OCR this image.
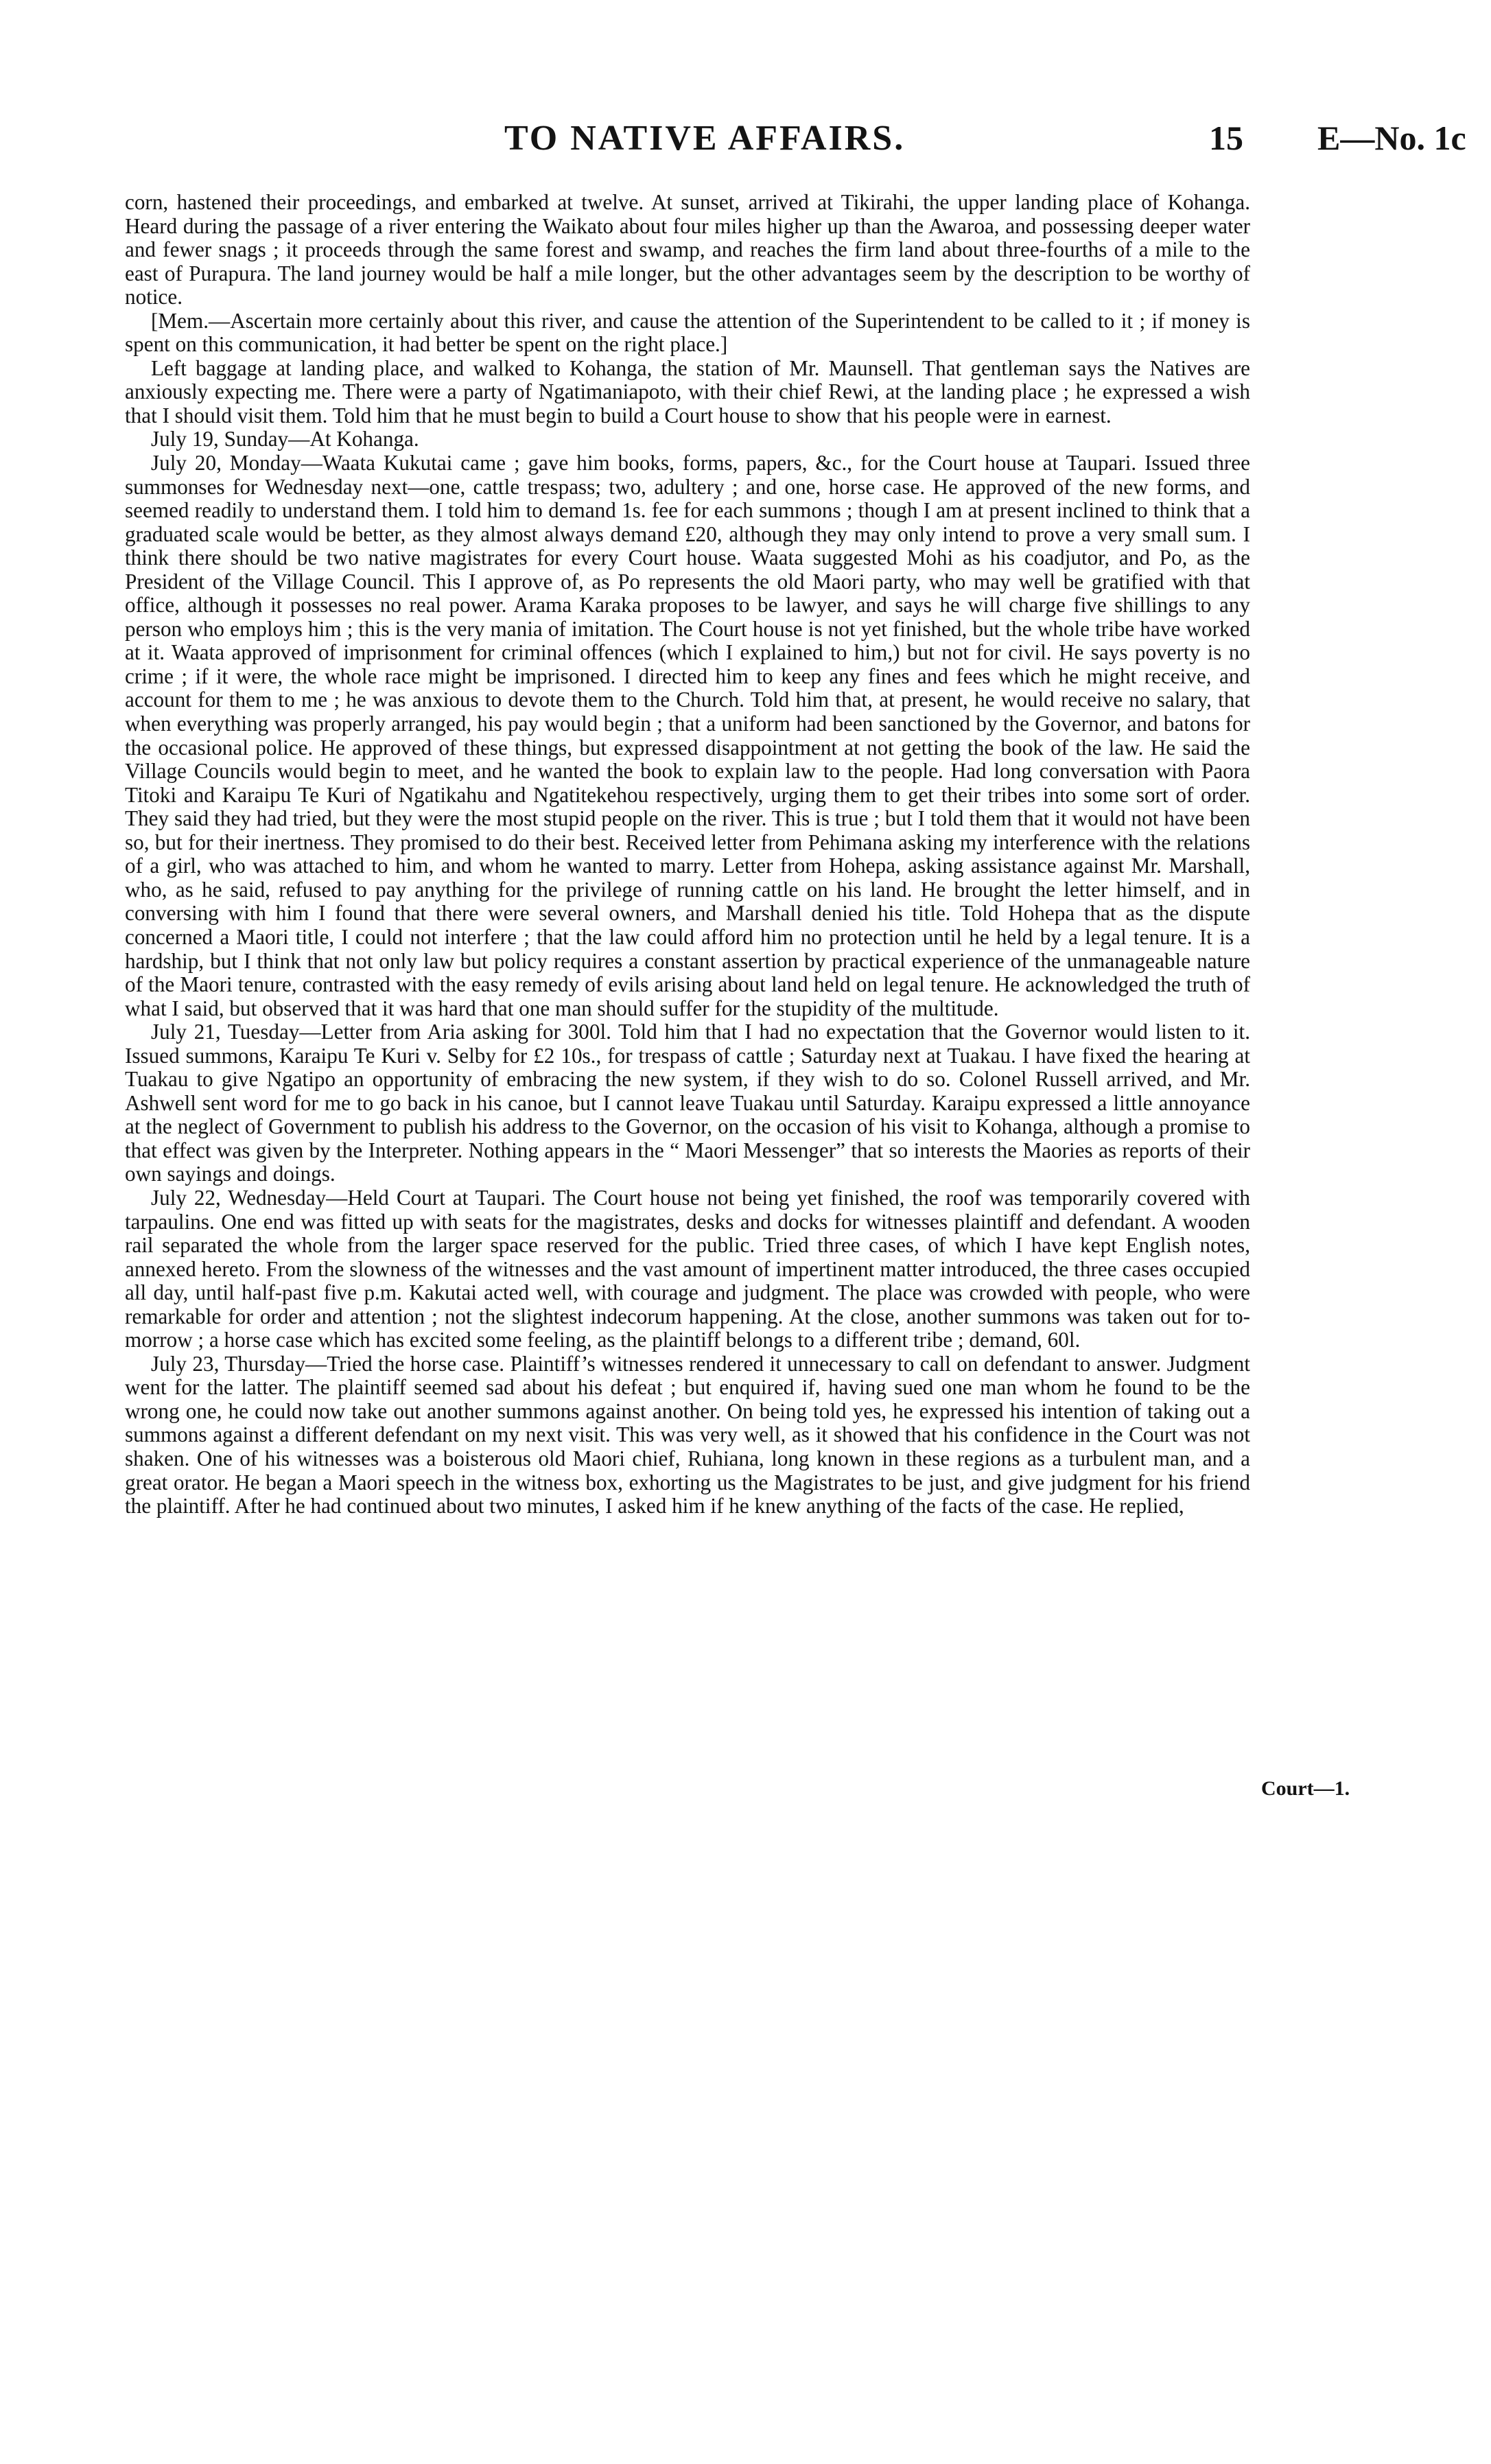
TO NATIVE AFFAIRS.	15 E—No. 1c

corn, hastened their proceedings, and embarked at twelve. At sunset, arrived at Tikirahi, the upper landing place of Kohanga. Heard during the passage of a river entering the Waikato about four miles higher up than the Awaroa, and possessing deeper water and fewer snags ; it proceeds through the same forest and swamp, and reaches the firm land about three-fourths of a mile to the east of Purapura. The land journey would be half a mile longer, but the other advantages seem by the description to be worthy of notice.

[Mem.—Ascertain more certainly about this river, and cause the attention of the Superintendent to be called to it ; if money is spent on this communication, it had better be spent on the right place.]

Left baggage at landing place, and walked to Kohanga, the station of Mr. Maunsell. That gentleman says the Natives are anxiously expecting me. There were a party of Ngatimaniapoto, with their chief Rewi, at the landing place ; he expressed a wish that I should visit them. Told him that he must begin to build a Court house to show that his people were in earnest.

July 19, Sunday—At Kohanga.

July 20, Monday—Waata Kukutai came ; gave him books, forms, papers, &c., for the Court house at Taupari. Issued three summonses for Wednesday next—one, cattle trespass; two, adultery ; and one, horse case. He approved of the new forms, and seemed readily to understand them. I told him to demand 1s. fee for each summons ; though I am at present inclined to think that a graduated scale would be better, as they almost always demand £20, although they may only intend to prove a very small sum. I think there should be two native magistrates for every Court house. Waata suggested Mohi as his coadjutor, and Po, as the President of the Village Council. This I approve of, as Po represents the old Maori party, who may well be gratified with that office, although it possesses no real power. Arama Karaka proposes to be lawyer, and says he will charge five shillings to any person who employs him ; this is the very mania of imitation. The Court house is not yet finished, but the whole tribe have worked at it. Waata approved of imprisonment for criminal offences (which I explained to him,) but not for civil. He says poverty is no crime ; if it were, the whole race might be imprisoned. I directed him to keep any fines and fees which he might receive, and account for them to me ; he was anxious to devote them to the Church. Told him that, at present, he would receive no salary, that when everything was properly arranged, his pay would begin ; that a uniform had been sanctioned by the Governor, and batons for the occasional police. He approved of these things, but expressed disappointment at not getting the book of the law. He said the Village Councils would begin to meet, and he wanted the book to explain law to the people. Had long conversation with Paora Titoki and Karaipu Te Kuri of Ngatikahu and Ngatitekehou respectively, urging them to get their tribes into some sort of order. They said they had tried, but they were the most stupid people on the river. This is true ; but I told them that it would not have been so, but for their inertness. They promised to do their best. Received letter from Pehimana asking my interference with the relations of a girl, who was attached to him, and whom he wanted to marry. Letter from Hohepa, asking assistance against Mr. Marshall, who, as he said, refused to pay anything for the privilege of running cattle on his land. He brought the letter himself, and in conversing with him I found that there were several owners, and Marshall denied his title. Told Hohepa that as the dispute concerned a Maori title, I could not interfere ; that the law could afford him no protection until he held by a legal tenure. It is a hardship, but I think that not only law but policy requires a constant assertion by practical experience of the unmanageable nature of the Maori tenure, contrasted with the easy remedy of evils arising about land held on legal tenure. He acknowledged the truth of what I said, but observed that it was hard that one man should suffer for the stupidity of the multitude.

July 21, Tuesday—Letter from Aria asking for 300l. Told him that I had no expectation that the Governor would listen to it. Issued summons, Karaipu Te Kuri v. Selby for £2 10s., for trespass of cattle ; Saturday next at Tuakau. I have fixed the hearing at Tuakau to give Ngatipo an opportunity of embracing the new system, if they wish to do so. Colonel Russell arrived, and Mr. Ashwell sent word for me to go back in his canoe, but I cannot leave Tuakau until Saturday. Karaipu expressed a little annoyance at the neglect of Government to publish his address to the Governor, on the occasion of his visit to Kohanga, although a promise to that effect was given by the Interpreter. Nothing appears in the “ Maori Messenger” that so interests the Maories as reports of their own sayings and doings.

July 22, Wednesday—Held Court at Taupari. The Court house not being yet finished, the roof was temporarily covered with tarpaulins. One end was fitted up with seats for the magistrates, desks and docks for witnesses plaintiff and defendant. A wooden rail separated the whole from the larger space reserved for the public. Tried three cases, of which I have kept English notes, annexed hereto. From the slowness of the witnesses and the vast amount of impertinent matter introduced, the three cases occupied all day, until half-past five p.m. Kakutai acted well, with courage and judgment. The place was crowded with people, who were remarkable for order and attention ; not the slightest indecorum happening. At the close, another summons was taken out for to-morrow ; a horse case which has excited some feeling, as the plaintiff belongs to a different tribe ; demand, 60l.

July 23, Thursday—Tried the horse case. Plaintiff’s witnesses rendered it unnecessary to call on defendant to answer. Judgment went for the latter. The plaintiff seemed sad about his defeat ; but enquired if, having sued one man whom he found to be the wrong one, he could now take out another summons against another. On being told yes, he expressed his intention of taking out a summons against a different defendant on my next visit. This was very well, as it showed that his confidence in the Court was not shaken. One of his witnesses was a boisterous old Maori chief, Ruhiana, long known in these regions as a turbulent man, and a great orator. He began a Maori speech in the witness box, exhorting us the Magistrates to be just, and give judgment for his friend the plaintiff. After he had continued about two minutes, I asked him if he knew anything of the facts of the case. He replied,

Court—1.
